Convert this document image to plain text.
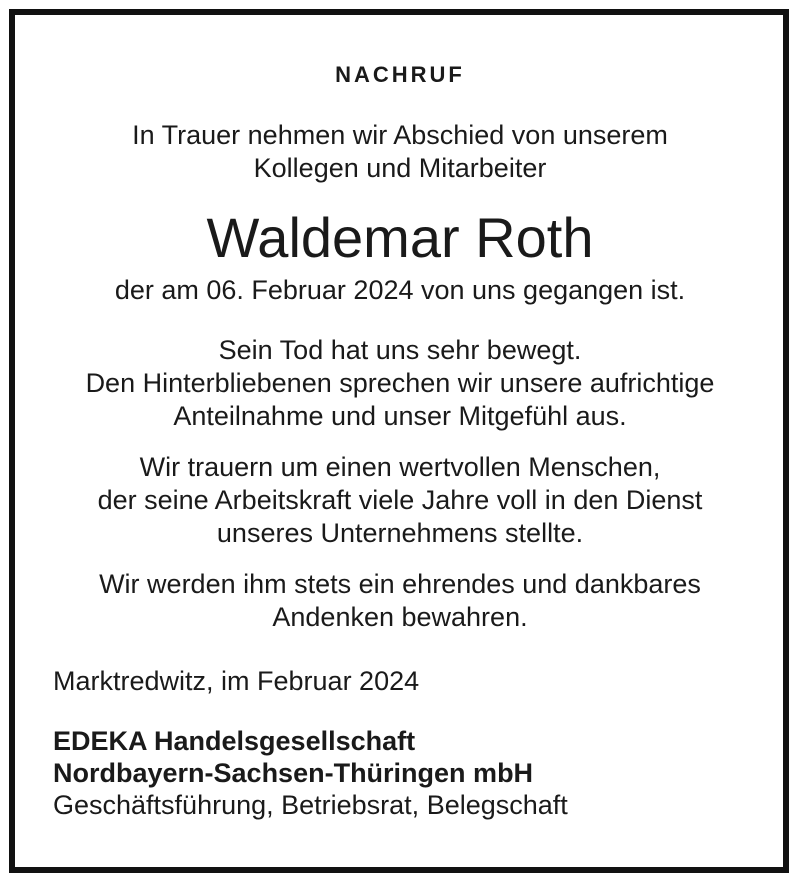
NACHRUF

In Trauer nehmen wir Abschied von unserem
Kollegen und Mitarbeiter

Waldemar Roth

der am 06. Februar 2024 von uns gegangen ist.

Sein Tod hat uns sehr bewegt.
Den Hinterbliebenen sprechen wir unsere aufrichtige
Anteilnahme und unser Mitgefühl aus.

Wir trauern um einen wertvollen Menschen,
der seine Arbeitskraft viele Jahre voll in den Dienst
unseres Unternehmens stellte.

Wir werden ihm stets ein ehrendes und dankbares
Andenken bewahren.

Marktredwitz, im Februar 2024

EDEKA Handelsgesellschaft
Nordbayern-Sachsen-Thüringen mbH
Geschäftsführung, Betriebsrat, Belegschaft
